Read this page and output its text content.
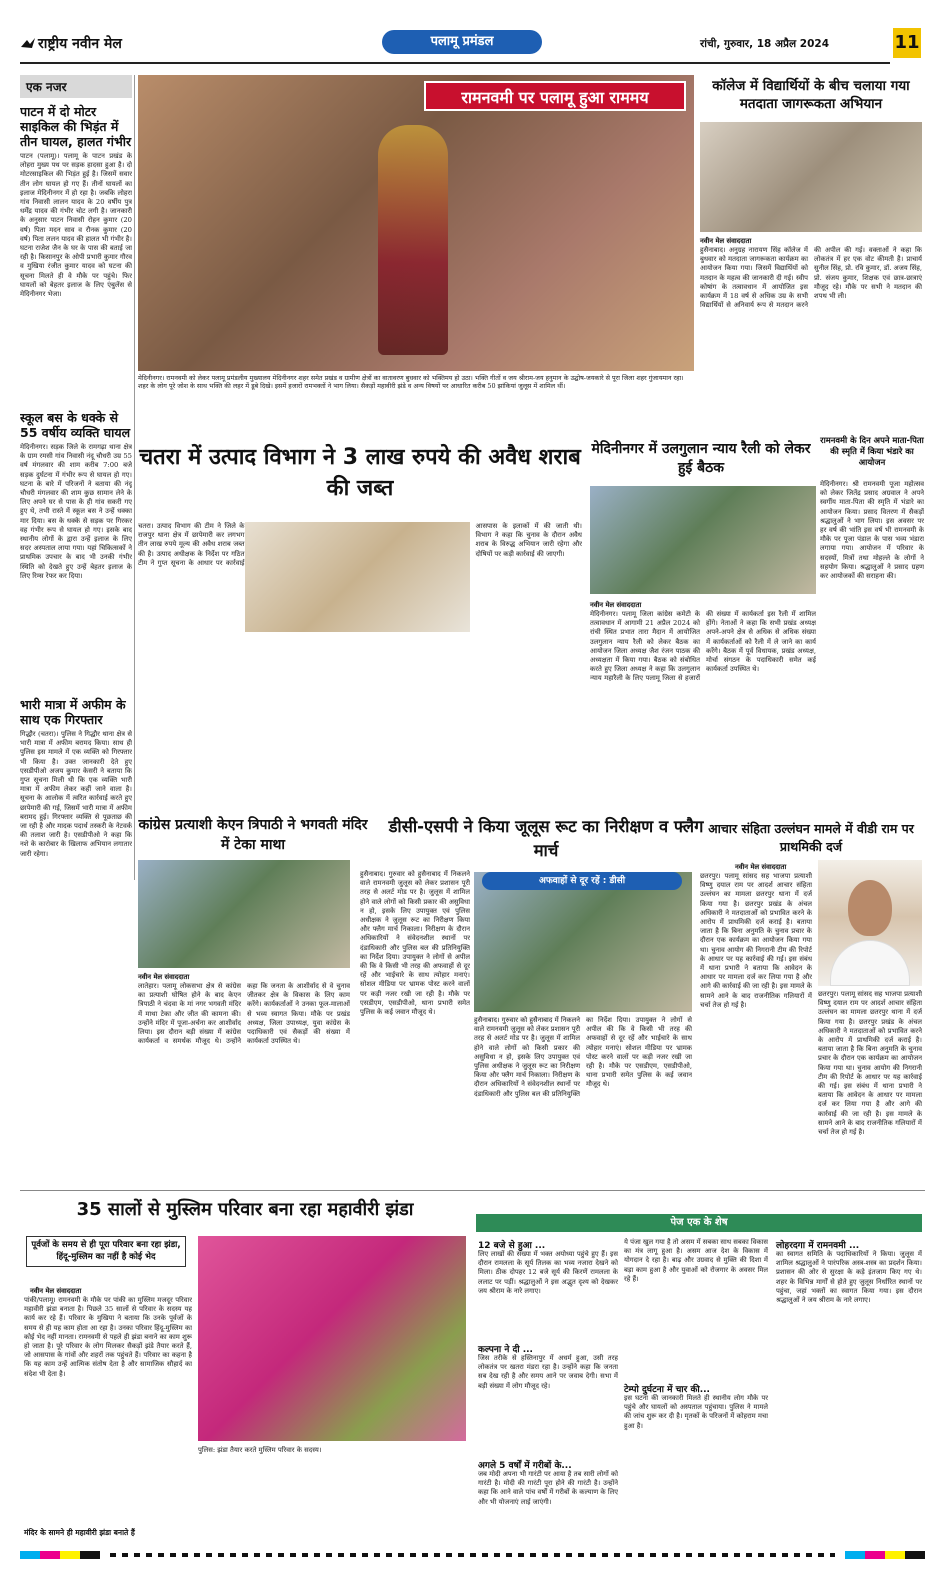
राष्ट्रीय नवीन मेल	पलामू प्रमंडल	रांची, गुरुवार, 18 अप्रैल 2024	11
एक नजर
पाटन में दो मोटर साइकिल की भिड़ंत में तीन घायल, हालत गंभीर
पाटन (पलामू)। पलामू के पाटन प्रखंड के लोहरा मुख्य पथ पर सड़क हादसा हुआ है। दो मोटरसाइकिल की भिड़ंत हुई है। जिसमें सवार तीन लोग घायल हो गए हैं। तीनों घायलों का इलाज मेदिनीनगर में हो रहा है। जबकि लोहरा गांव निवासी लालन यादव के 20 वर्षीय पुत्र धर्मेंद्र यादव की गंभीर चोट लगी है। जानकारी के अनुसार पाटन निवासी रोहन कुमार (20 वर्ष) पिता मदन साव व रौनक कुमार (20 वर्ष) पिता ललन यादव की हालत भी गंभीर है। घटना राजेश जैन के घर के पास की बताई जा रही है। किसानपुर के ओपी प्रभारी कुमार गौरव व मुखिया रंजीत कुमार यादव को घटना की सूचना मिलते ही वे मौके पर पहुंचे। फिर घायलों को बेहतर इलाज के लिए एंबुलेंस से मेदिनीनगर भेजा।
स्कूल बस के धक्के से 55 वर्षीय व्यक्ति घायल
मेदिनीनगर। सड़क जिले के रामगढ़ा थाना क्षेत्र के ग्राम रमसी गांव निवासी नंदू चौधरी उम्र 55 वर्ष मंगलवार की शाम करीब 7:00 बजे सड़क दुर्घटना में गंभीर रूप से घायल हो गए। घटना के बारे में परिजनों ने बताया की नंदू चौधरी मंगलवार की शाम कुछ सामान लेने के लिए अपने घर से पास के ही गांव सकरी गए हुए थे, तभी रास्ते में स्कूल बस ने उन्हें धक्का मार दिया। बस के धक्के से सड़क पर गिरकर वह गंभीर रूप से घायल हो गए। इसके बाद स्थानीय लोगों के द्वारा उन्हें इलाज के लिए सदर अस्पताल लाया गया। यहां चिकित्सकों ने प्राथमिक उपचार के बाद भी उनकी गंभीर स्थिति को देखते हुए उन्हें बेहतर इलाज के लिए रिम्स रेफर कर दिया।
भारी मात्रा में अफीम के साथ एक गिरफ्तार
गिद्धौर (चतरा)। पुलिस ने गिद्धौर थाना क्षेत्र से भारी मात्रा में अफीम बरामद किया। साथ ही पुलिस इस मामले में एक व्यक्ति को गिरफ्तार भी किया है। उक्त जानकारी देते हुए एसडीपीओ अजय कुमार केसरी ने बताया कि गुप्त सूचना मिली थी कि एक व्यक्ति भारी मात्रा में अफीम लेकर कहीं जाने वाला है। सूचना के आलोक में त्वरित कार्रवाई करते हुए छापेमारी की गई, जिसमें भारी मात्रा में अफीम बरामद हुई। गिरफ्तार व्यक्ति से पूछताछ की जा रही है और मादक पदार्थ तस्करी के नेटवर्क की तलाश जारी है। एसडीपीओ ने कहा कि नशे के कारोबार के खिलाफ अभियान लगातार जारी रहेगा।
रामनवमी पर पलामू हुआ राममय
मेदिनीनगर। रामनवमी को लेकर पलामू प्रमंडलीय मुख्यालय मेदिनीनगर शहर समेत प्रखंड व ग्रामीण क्षेत्रों का वातावरण बुधवार को भक्तिमय हो उठा। भक्ति गीतों व जय श्रीराम-जय हनुमान के उद्घोष-जयकारे से पूरा जिला शहर गुंजायमान रहा। शहर के लोग पूरे जोश के साथ भक्ति की लहर में डूबे दिखे। इसमें हजारों रामभक्तों ने भाग लिया। सैकड़ों महावीरी झंडे व अन्य विषयों पर आधारित करीब 50 झांकियां जुलूस में शामिल थीं।
कॉलेज में विद्यार्थियों के बीच चलाया गया मतदाता जागरूकता अभियान
नवीन मेल संवाददाता
हुसैनाबाद। अनुग्रह नारायण सिंह कॉलेज में बुधवार को मतदाता जागरूकता कार्यक्रम का आयोजन किया गया। जिसमें विद्यार्थियों को मतदान के महत्व की जानकारी दी गई। स्वीप कोषांग के तत्वावधान में आयोजित इस कार्यक्रम में 18 वर्ष से अधिक उम्र के सभी विद्यार्थियों से अनिवार्य रूप से मतदान करने की अपील की गई। वक्ताओं ने कहा कि लोकतंत्र में हर एक वोट कीमती है। प्राचार्य सुनील सिंह, प्रो. रवि कुमार, डॉ. अजय सिंह, प्रो. संजय कुमार, शिक्षक एवं छात्र-छात्राएं मौजूद रहे। मौके पर सभी ने मतदान की शपथ भी ली।
रामनवमी के दिन अपने माता-पिता की स्मृति में किया भंडारे का आयोजन
मेदिनीनगर। श्री रामनवमी पूजा महोत्सव को लेकर जितेंद्र प्रसाद अग्रवाल ने अपने स्वर्गीय माता-पिता की स्मृति में भंडारे का आयोजन किया। प्रसाद वितरण में सैकड़ों श्रद्धालुओं ने भाग लिया। इस अवसर पर हर वर्ष की भांति इस वर्ष भी रामनवमी के मौके पर पूजा पंडाल के पास भव्य भंडारा लगाया गया। आयोजन में परिवार के सदस्यों, मित्रों तथा मोहल्ले के लोगों ने सहयोग किया। श्रद्धालुओं ने प्रसाद ग्रहण कर आयोजकों की सराहना की।
चतरा में उत्पाद विभाग ने 3 लाख रुपये की अवैध शराब की जब्त
चतरा। उत्पाद विभाग की टीम ने जिले के राजपुर थाना क्षेत्र में छापेमारी कर लगभग तीन लाख रुपये मूल्य की अवैध शराब जब्त की है। उत्पाद अधीक्षक के निर्देश पर गठित टीम ने गुप्त सूचना के आधार पर कार्रवाई आसपास के इलाकों में की जाती थी। विभाग ने कहा कि चुनाव के दौरान अवैध शराब के विरुद्ध अभियान जारी रहेगा और दोषियों पर कड़ी कार्रवाई की जाएगी।
मेदिनीनगर में उलगुलान न्याय रैली को लेकर हुई बैठक
नवीन मेल संवाददाता
मेदिनीनगर। पलामू जिला कांग्रेस कमेटी के तत्वावधान में आगामी 21 अप्रैल 2024 को रांची स्थित प्रभात तारा मैदान में आयोजित उलगुलान न्याय रैली को लेकर बैठक का आयोजन जिला अध्यक्ष जैश रंजन पाठक की अध्यक्षता में किया गया। बैठक को संबोधित करते हुए जिला अध्यक्ष ने कहा कि उलगुलान न्याय महारैली के लिए पलामू जिला से हजारों की संख्या में कार्यकर्ता इस रैली में शामिल होंगे। नेताओं ने कहा कि सभी प्रखंड अध्यक्ष अपने-अपने क्षेत्र से अधिक से अधिक संख्या में कार्यकर्ताओं को रैली में ले जाने का कार्य करेंगे। बैठक में पूर्व विधायक, प्रखंड अध्यक्ष, मोर्चा संगठन के पदाधिकारी समेत कई कार्यकर्ता उपस्थित थे।
कांग्रेस प्रत्याशी केएन त्रिपाठी ने भगवती मंदिर में टेका माथा
नवीन मेल संवाददाता
लातेहार। पलामू लोकसभा क्षेत्र से कांग्रेस का प्रत्याशी घोषित होने के बाद केएन त्रिपाठी ने चंदवा के मां नगर भगवती मंदिर में माथा टेका और जीत की कामना की। उन्होंने मंदिर में पूजा-अर्चना कर आशीर्वाद लिया। इस दौरान बड़ी संख्या में कांग्रेस कार्यकर्ता व समर्थक मौजूद थे। उन्होंने कहा कि जनता के आशीर्वाद से वे चुनाव जीतकर क्षेत्र के विकास के लिए काम करेंगे। कार्यकर्ताओं ने उनका फूल-मालाओं से भव्य स्वागत किया। मौके पर प्रखंड अध्यक्ष, जिला उपाध्यक्ष, युवा कांग्रेस के पदाधिकारी एवं सैकड़ों की संख्या में कार्यकर्ता उपस्थित थे।
डीसी-एसपी ने किया जूलूस रूट का निरीक्षण व फ्लैग मार्च
हुसैनाबाद। गुरुवार को हुसैनाबाद में निकलने वाले रामनवमी जुलूस को लेकर प्रशासन पूरी तरह से अलर्ट मोड पर है। जुलूस में शामिल होने वाले लोगों को किसी प्रकार की असुविधा न हो, इसके लिए उपायुक्त एवं पुलिस अधीक्षक ने जुलूस रूट का निरीक्षण किया और फ्लैग मार्च निकाला। निरीक्षण के दौरान अधिकारियों ने संवेदनशील स्थानों पर दंडाधिकारी और पुलिस बल की प्रतिनियुक्ति का निर्देश दिया। उपायुक्त ने लोगों से अपील की कि वे किसी भी तरह की अफवाहों से दूर रहें और भाईचारे के साथ त्योहार मनाएं। सोशल मीडिया पर भ्रामक पोस्ट करने वालों पर कड़ी नजर रखी जा रही है। मौके पर एसडीएम, एसडीपीओ, थाना प्रभारी समेत पुलिस के कई जवान मौजूद थे।
अफवाहों से दूर रहें : डीसी
हुसैनाबाद। गुरुवार को हुसैनाबाद में निकलने वाले रामनवमी जुलूस को लेकर प्रशासन पूरी तरह से अलर्ट मोड पर है। जुलूस में शामिल होने वाले लोगों को किसी प्रकार की असुविधा न हो, इसके लिए उपायुक्त एवं पुलिस अधीक्षक ने जुलूस रूट का निरीक्षण किया और फ्लैग मार्च निकाला। निरीक्षण के दौरान अधिकारियों ने संवेदनशील स्थानों पर दंडाधिकारी और पुलिस बल की प्रतिनियुक्ति का निर्देश दिया। उपायुक्त ने लोगों से अपील की कि वे किसी भी तरह की अफवाहों से दूर रहें और भाईचारे के साथ त्योहार मनाएं। सोशल मीडिया पर भ्रामक पोस्ट करने वालों पर कड़ी नजर रखी जा रही है। मौके पर एसडीएम, एसडीपीओ, थाना प्रभारी समेत पुलिस के कई जवान मौजूद थे।
आचार संहिता उल्लंघन मामले में वीडी राम पर प्राथमिकी दर्ज
नवीन मेल संवाददाता
छतरपुर। पलामू सांसद सह भाजपा प्रत्याशी विष्णु दयाल राम पर आदर्श आचार संहिता उल्लंघन का मामला छतरपुर थाना में दर्ज किया गया है। छतरपुर प्रखंड के अंचल अधिकारी ने मतदाताओं को प्रभावित करने के आरोप में प्राथमिकी दर्ज कराई है। बताया जाता है कि बिना अनुमति के चुनाव प्रचार के दौरान एक कार्यक्रम का आयोजन किया गया था। चुनाव आयोग की निगरानी टीम की रिपोर्ट के आधार पर यह कार्रवाई की गई। इस संबंध में थाना प्रभारी ने बताया कि आवेदन के आधार पर मामला दर्ज कर लिया गया है और आगे की कार्रवाई की जा रही है। इस मामले के सामने आने के बाद राजनीतिक गलियारों में चर्चा तेज हो गई है।
छतरपुर। पलामू सांसद सह भाजपा प्रत्याशी विष्णु दयाल राम पर आदर्श आचार संहिता उल्लंघन का मामला छतरपुर थाना में दर्ज किया गया है। छतरपुर प्रखंड के अंचल अधिकारी ने मतदाताओं को प्रभावित करने के आरोप में प्राथमिकी दर्ज कराई है। बताया जाता है कि बिना अनुमति के चुनाव प्रचार के दौरान एक कार्यक्रम का आयोजन किया गया था। चुनाव आयोग की निगरानी टीम की रिपोर्ट के आधार पर यह कार्रवाई की गई। इस संबंध में थाना प्रभारी ने बताया कि आवेदन के आधार पर मामला दर्ज कर लिया गया है और आगे की कार्रवाई की जा रही है। इस मामले के सामने आने के बाद राजनीतिक गलियारों में चर्चा तेज हो गई है।
35 सालों से मुस्लिम परिवार बना रहा महावीरी झंडा
पूर्वजों के समय से ही पूरा परिवार बना रहा झंडा, हिंदू-मुस्लिम का नहीं है कोई भेद
नवीन मेल संवाददाता
पांकी/पलामू। रामनवमी के मौके पर पांकी का मुस्लिम मजदूर परिवार महावीरी झंडा बनाता है। पिछले 35 सालों से परिवार के सदस्य यह कार्य कर रहे हैं। परिवार के मुखिया ने बताया कि उनके पूर्वजों के समय से ही यह काम होता आ रहा है। उनका परिवार हिंदू-मुस्लिम का कोई भेद नहीं मानता। रामनवमी से पहले ही झंडा बनाने का काम शुरू हो जाता है। पूरे परिवार के लोग मिलकर सैकड़ों झंडे तैयार करते हैं, जो आसपास के गांवों और शहरों तक पहुंचते हैं। परिवार का कहना है कि यह काम उन्हें आत्मिक संतोष देता है और सामाजिक सौहार्द का संदेश भी देता है।
मंदिर के सामने ही महावीरी झंडा बनाते हैं
पुलिस: झंडा तैयार करते मुस्लिम परिवार के सदस्य।
पेज एक के शेष
12 बजे से हुआ ...
लिए लाखों की संख्या में भक्त अयोध्या पहुंचे हुए हैं। इस दौरान रामलला के सूर्य तिलक का भव्य नजारा देखने को मिला। ठीक दोपहर 12 बजे सूर्य की किरणें रामलला के ललाट पर पड़ीं। श्रद्धालुओं ने इस अद्भुत दृश्य को देखकर जय श्रीराम के नारे लगाए।
कल्पना ने दी ...
जिस तरीके से हस्तिनापुर में अधर्म हुआ, उसी तरह लोकतंत्र पर खतरा मंडरा रहा है। उन्होंने कहा कि जनता सब देख रही है और समय आने पर जवाब देगी। सभा में बड़ी संख्या में लोग मौजूद रहे।
अगले 5 वर्षों में गरीबों के...
जब मोदी अपना भी गारंटी पर आया है तब सारी लोगों को गारंटी है। मोदी की गारंटी पूरा होने की गारंटी है। उन्होंने कहा कि आने वाले पांच वर्षों में गरीबों के कल्याण के लिए और भी योजनाएं लाई जाएंगी।
ये पंजा खुल गया है तो असम में सबका साथ सबका विकास का मंत्र लागू हुआ है। असम आज देश के विकास में योगदान दे रहा है। बाढ़ और उग्रवाद से मुक्ति की दिशा में बड़ा काम हुआ है और युवाओं को रोजगार के अवसर मिल रहे हैं।
टेम्पो दुर्घटना में चार की...
इस घटना की जानकारी मिलते ही स्थानीय लोग मौके पर पहुंचे और घायलों को अस्पताल पहुंचाया। पुलिस ने मामले की जांच शुरू कर दी है। मृतकों के परिजनों में कोहराम मचा हुआ है।
लोहरदगा में रामनवमी ...
का स्वागत समिति के पदाधिकारियों ने किया। जुलूस में शामिल श्रद्धालुओं ने पारंपरिक अस्त्र-शस्त्र का प्रदर्शन किया। प्रशासन की ओर से सुरक्षा के कड़े इंतजाम किए गए थे। शहर के विभिन्न मार्गों से होते हुए जुलूस निर्धारित स्थानों पर पहुंचा, जहां भक्तों का स्वागत किया गया। इस दौरान श्रद्धालुओं ने जय श्रीराम के नारे लगाए।
